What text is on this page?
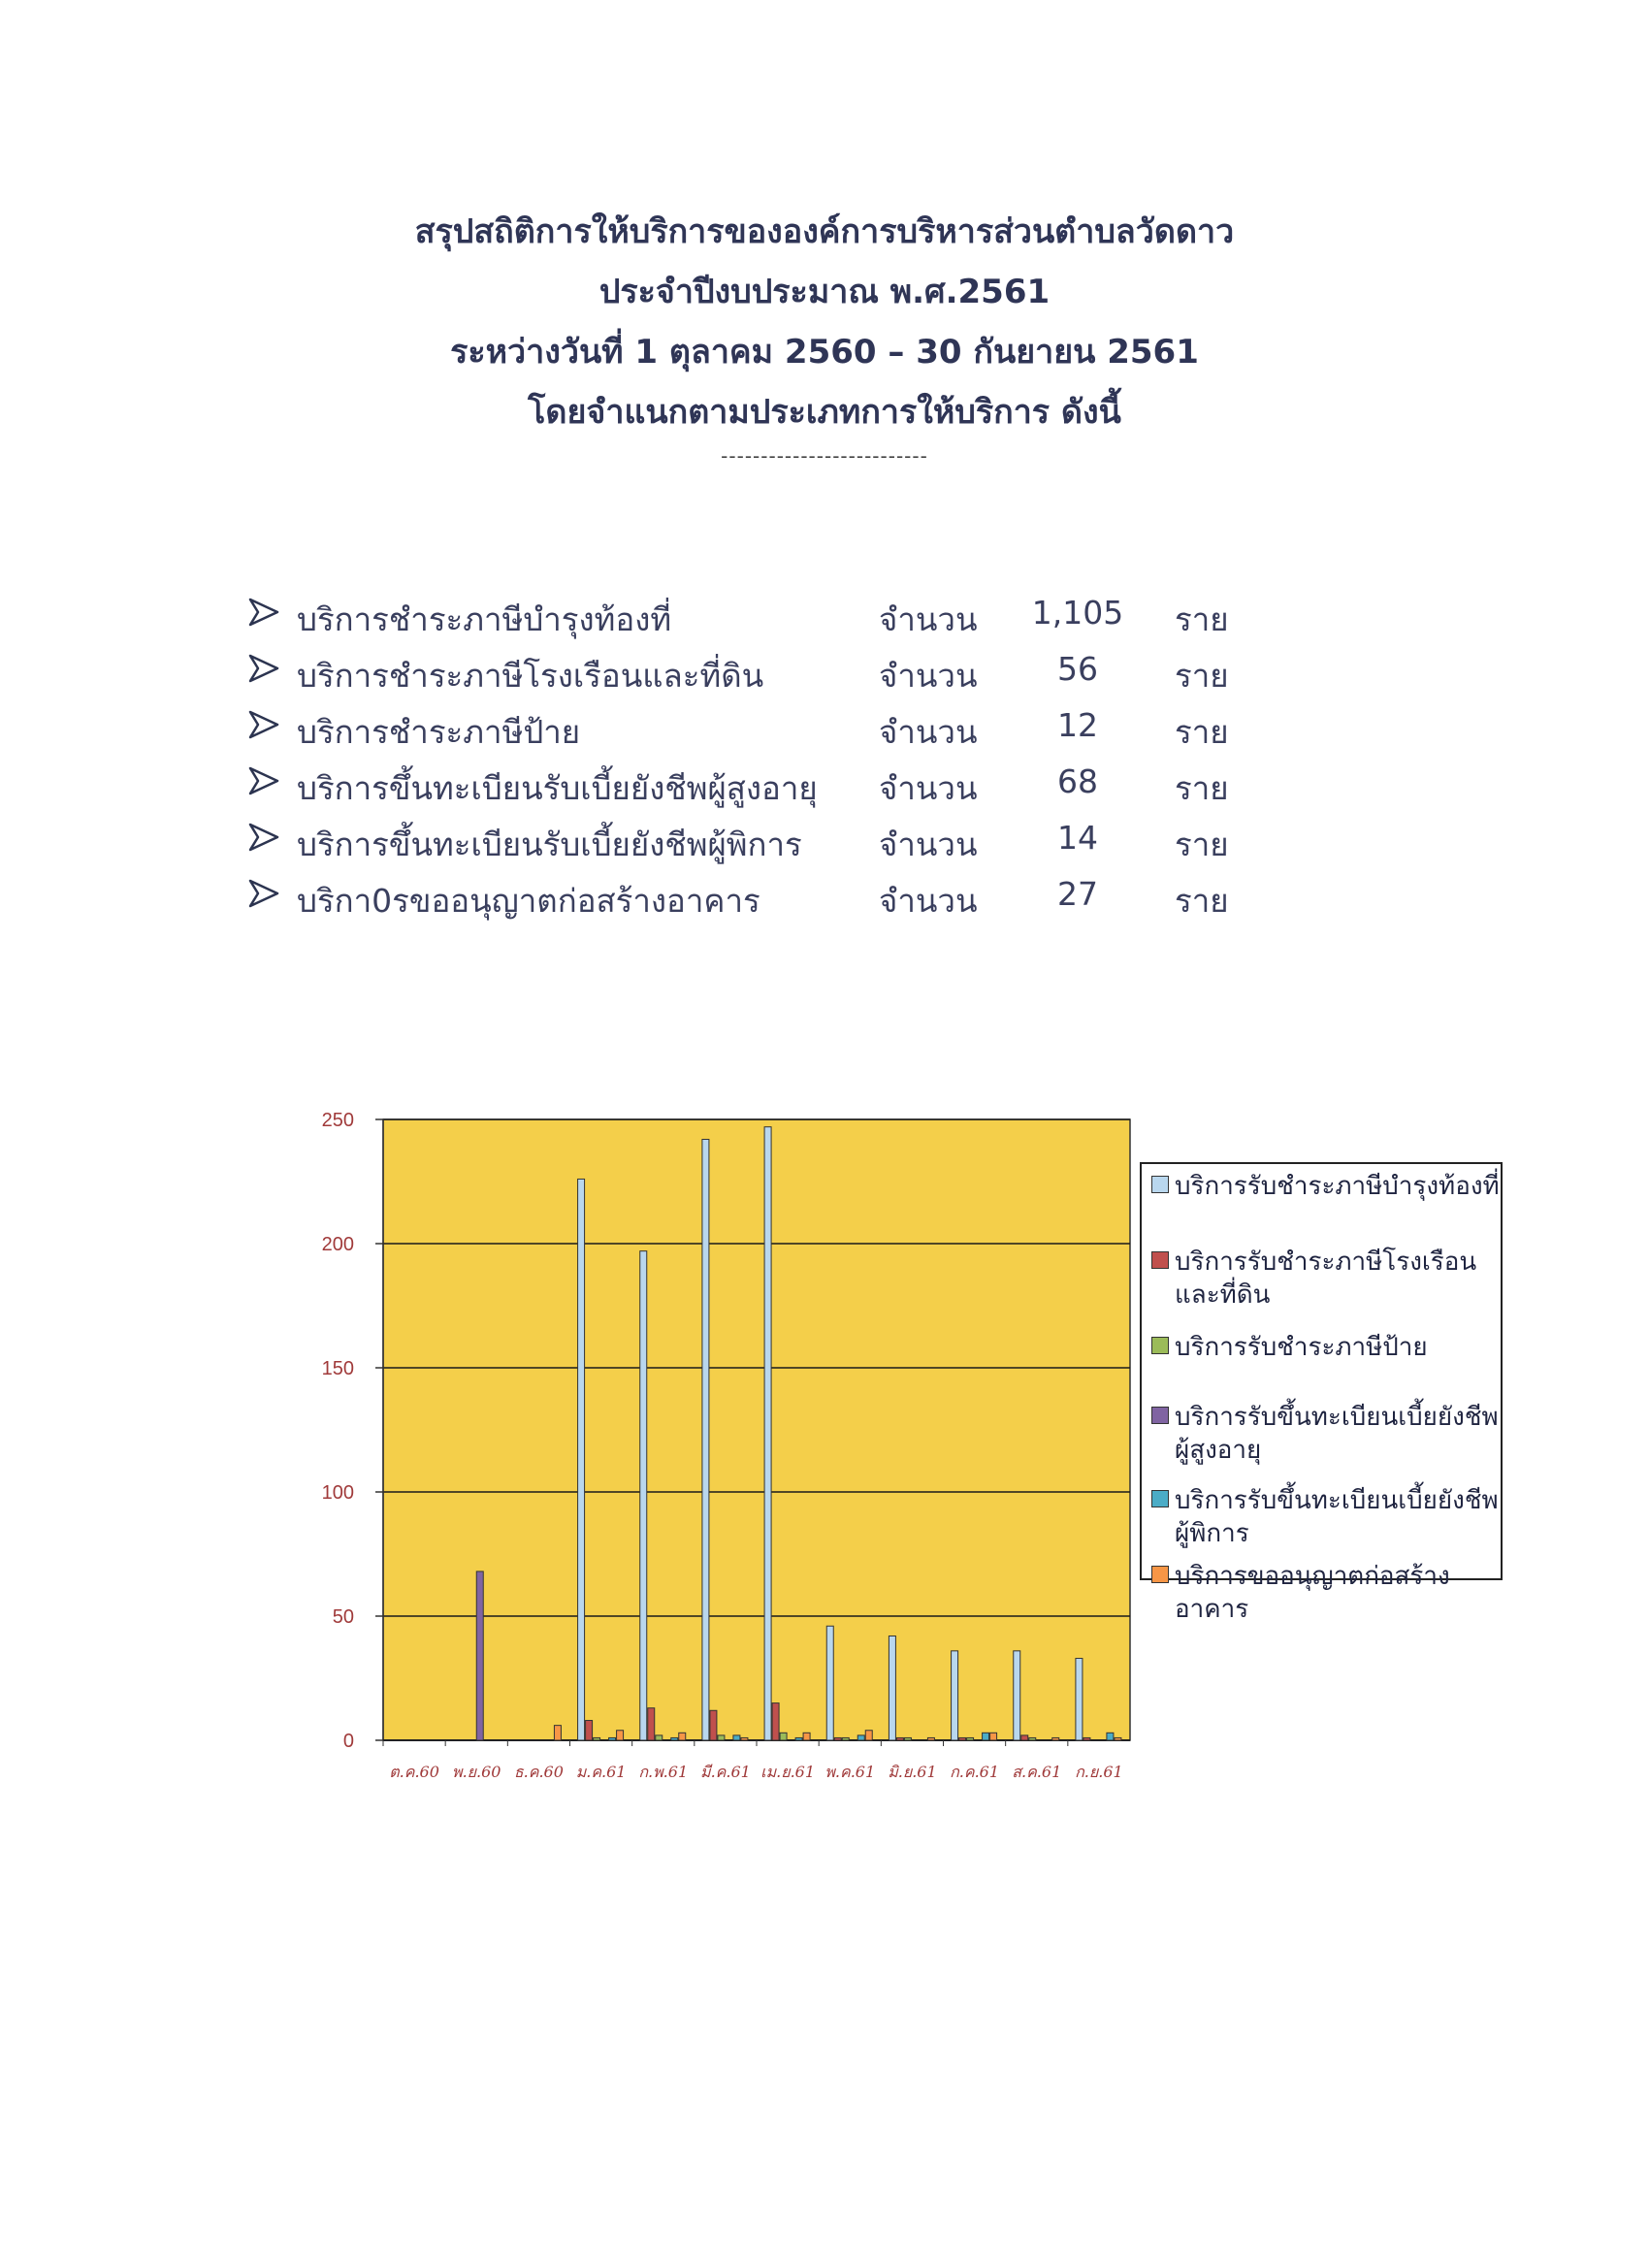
สรุปสถิติการให้บริการขององค์การบริหารส่วนตำบลวัดดาว
ประจำปีงบประมาณ พ.ศ.2561
ระหว่างวันที่ 1 ตุลาคม 2560 – 30 กันยายน 2561
โดยจำแนกตามประเภทการให้บริการ ดังนี้
--------------------------
บริการชำระภาษีบำรุงท้องที่	จำนวน 1,105 ราย
บริการชำระภาษีโรงเรือนและที่ดิน	จำนวน	56	ราย
บริการชำระภาษีป้าย	จำนวน	12	ราย
บริการขึ้นทะเบียนรับเบี้ยยังชีพผู้สูงอายุ จำนวน	68	ราย
บริการขึ้นทะเบียนรับเบี้ยยังชีพผู้พิการ จำนวน	14	ราย
บริกา0รขออนุญาตก่อสร้างอาคาร	จำนวน	27	ราย
0
50
100
150
200
250
ต.ค.60 พ.ย.60 ธ.ค.60 ม.ค.61 ก.พ.61 มี.ค.61 เม.ย.61 พ.ค.61 มิ.ย.61 ก.ค.61 ส.ค.61 ก.ย.61
บริการรับชำระภาษีบำรุงท้องที่
บริการรับชำระภาษีโรงเรือน
และที่ดิน
บริการรับชำระภาษีป้าย
บริการรับขึ้นทะเบียนเบี้ยยังชีพ
ผู้สูงอายุ
บริการรับขึ้นทะเบียนเบี้ยยังชีพ
ผู้พิการ
บริการขออนุญาตก่อสร้าง
อาคาร
